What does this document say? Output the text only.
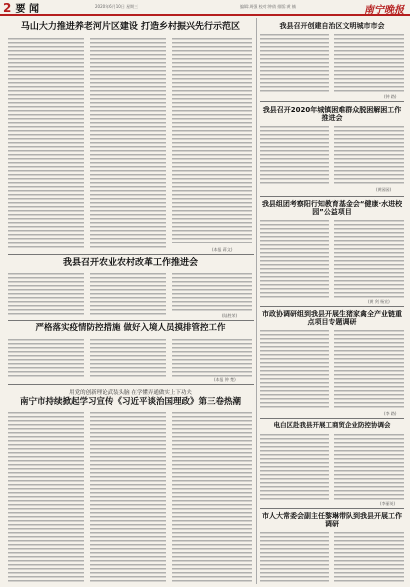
2 要 闻	2020年6月10日 星期三	编辑:周强 校对:钟倩 排版:黄 楠	南宁晚报
马山大力推进养老河片区建设 打造乡村振兴先行示范区
(本报 蒋文)
我县召开农业农村改革工作推进会
(陆胜荣)
严格落实疫情防控措施 做好入境人员摸排管控工作
(本报 钟 楚)
用党的创新理论武装头脑 在学懂弄通做实上下功夫
南宁市持续掀起学习宣传《习近平谈治国理政》第三卷热潮
我县召开创建自治区文明城市市会
(钟 路)
我县召开2020年城镇困难群众脱困解困工作推进会
(黄园园)
我县组团考察阳行知教育基金会“健康·水进校园”公益项目
(黄 剑 杨宣)
市政协调研组到我县开展生猪家禽全产业链重点项目专题调研
(李 路)
电白区赴我县开展工商贸企业防控协调会
(李丽英)
市人大常委会副主任黎琳带队到我县开展工作调研
